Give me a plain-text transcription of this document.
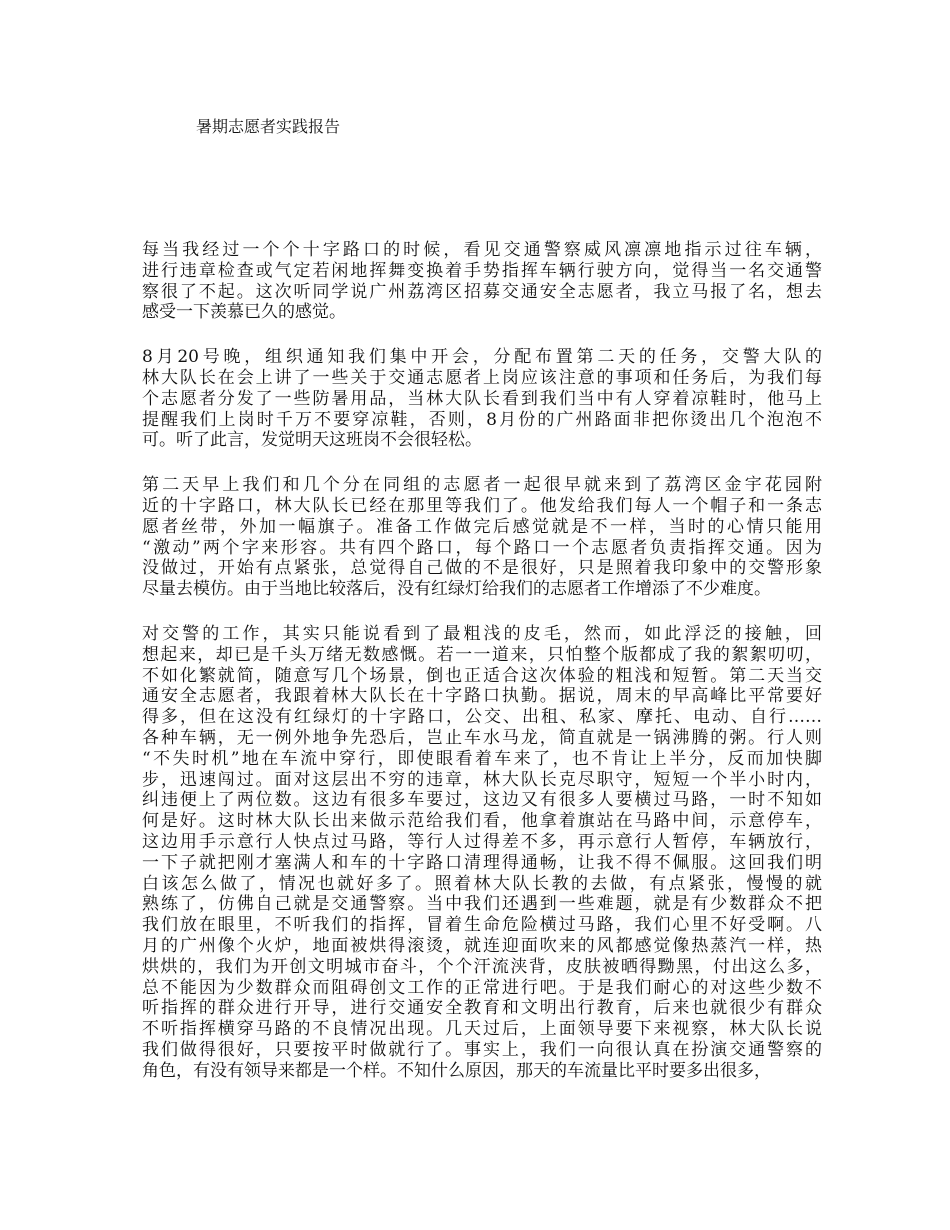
暑期志愿者实践报告
每当我经过一个个十字路口的时候，看见交通警察威风凛凛地指示过往车辆，
进行违章检查或气定若闲地挥舞变换着手势指挥车辆行驶方向，觉得当一名交通警
察很了不起。这次听同学说广州荔湾区招募交通安全志愿者，我立马报了名，想去
感受一下羡慕已久的感觉。
8月20号晚，组织通知我们集中开会，分配布置第二天的任务，交警大队的
林大队长在会上讲了一些关于交通志愿者上岗应该注意的事项和任务后，为我们每
个志愿者分发了一些防暑用品，当林大队长看到我们当中有人穿着凉鞋时，他马上
提醒我们上岗时千万不要穿凉鞋，否则，8月份的广州路面非把你烫出几个泡泡不
可。听了此言，发觉明天这班岗不会很轻松。
第二天早上我们和几个分在同组的志愿者一起很早就来到了荔湾区金宇花园附
近的十字路口，林大队长已经在那里等我们了。他发给我们每人一个帽子和一条志
愿者丝带，外加一幅旗子。准备工作做完后感觉就是不一样，当时的心情只能用
“激动”两个字来形容。共有四个路口，每个路口一个志愿者负责指挥交通。因为
没做过，开始有点紧张，总觉得自己做的不是很好，只是照着我印象中的交警形象
尽量去模仿。由于当地比较落后，没有红绿灯给我们的志愿者工作增添了不少难度。
对交警的工作，其实只能说看到了最粗浅的皮毛，然而，如此浮泛的接触，回
想起来，却已是千头万绪无数感慨。若一一道来，只怕整个版都成了我的絮絮叨叨，
不如化繁就简，随意写几个场景，倒也正适合这次体验的粗浅和短暂。第二天当交
通安全志愿者，我跟着林大队长在十字路口执勤。据说，周末的早高峰比平常要好
得多，但在这没有红绿灯的十字路口，公交、出租、私家、摩托、电动、自行……
各种车辆，无一例外地争先恐后，岂止车水马龙，简直就是一锅沸腾的粥。行人则
“不失时机”地在车流中穿行，即使眼看着车来了，也不肯让上半分，反而加快脚
步，迅速闯过。面对这层出不穷的违章，林大队长克尽职守，短短一个半小时内，
纠违便上了两位数。这边有很多车要过，这边又有很多人要横过马路，一时不知如
何是好。这时林大队长出来做示范给我们看，他拿着旗站在马路中间，示意停车，
这边用手示意行人快点过马路，等行人过得差不多，再示意行人暂停，车辆放行，
一下子就把刚才塞满人和车的十字路口清理得通畅，让我不得不佩服。这回我们明
白该怎么做了，情况也就好多了。照着林大队长教的去做，有点紧张，慢慢的就
熟练了，仿佛自己就是交通警察。当中我们还遇到一些难题，就是有少数群众不把
我们放在眼里，不听我们的指挥，冒着生命危险横过马路，我们心里不好受啊。八
月的广州像个火炉，地面被烘得滚烫，就连迎面吹来的风都感觉像热蒸汽一样，热
烘烘的，我们为开创文明城市奋斗，个个汗流浃背，皮肤被晒得黝黑，付出这么多，
总不能因为少数群众而阻碍创文工作的正常进行吧。于是我们耐心的对这些少数不
听指挥的群众进行开导，进行交通安全教育和文明出行教育，后来也就很少有群众
不听指挥横穿马路的不良情况出现。几天过后，上面领导要下来视察，林大队长说
我们做得很好，只要按平时做就行了。事实上，我们一向很认真在扮演交通警察的
角色，有没有领导来都是一个样。不知什么原因，那天的车流量比平时要多出很多，
